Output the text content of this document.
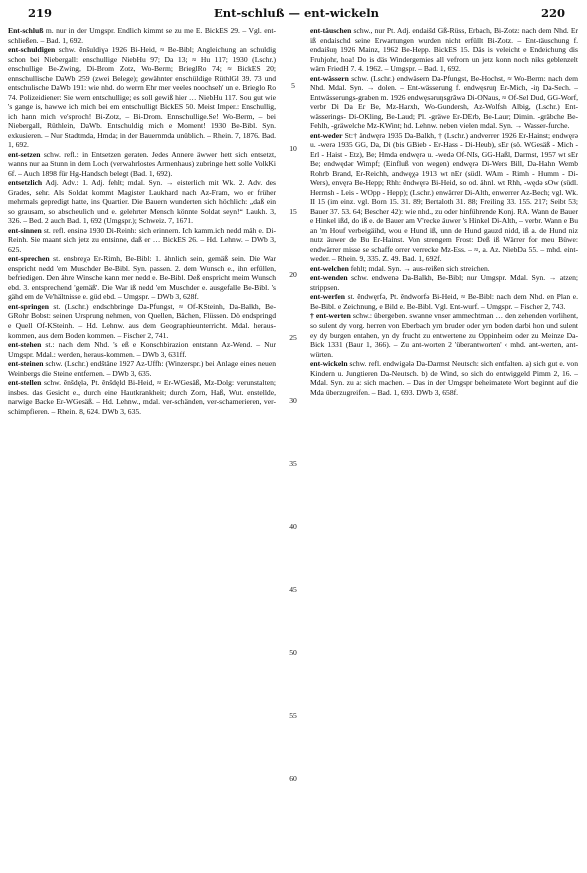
219	Ent-schluß — ent-wickeln	220

Ent-schluß m. nur in der Umgspr. Endlich kimmt se zu me E. BickES 29. – Vgl. ent-schließen. – Bad. 1, 692.

ent-schuldigen schw. ĕnšuldiɣə 1926 Bi-Heid, ≈ Be-Bibl; Angleichung an schuldig schon bei Niebergall: enschullige NiebHu 97; Da 13; ≈ Hu 117; 1930 (Lschr.) enschullige Be-Zwing, Di-Brom Zotz, Wo-Berm; BrieglRo 74; ≈ BickES 20; ennschullische DaWb 259 (zwei Belege); gewähnter enschüldige RüthlGl 39. 73 und entschulische DaWb 191: wie nhd. do werrn Ehr mer veeles noochseh' un e. Brieglo Ro 74. Polizeidiener: Sie wern entschullige; es soll gewiß hier … NiebHu 117. Sou gut wie 's gange is, hawwe ich mich bei em entschulligt BickES 50. Meist Imper.: Enschullig, ich hann mich ve'sproch! Bi-Zotz, – Bi-Drom. Ennschullige.Se! Wo-Berm, – bei Niebergall, Rüthlein, DaWb. Entschuldig mich e Moment! 1930 Be-Bibl. Syn. exkusieren. – Nur Stadtmda, Hmda; in der Bauernmda unüblich. – Rhein. 7, 1876. Bad. 1, 692.

ent-setzen schw. refl.: in Entsetzen geraten. Jedes Annere äwwer hett sich entsetzt, wanns nur aa Stunn in dem Loch (verwahrlostes Armenhaus) zubringe hett solle VolkKi 6f. – Auch 1898 für Hg-Handsch belegt (Bad. 1, 692).

entsetzlich Adj. Adv.: 1. Adj. fehlt; mdal. Syn. → eisterlich mit Wk. 2. Adv. des Grades, sehr. Als Soldat kommt Magister Laukhard nach Az-Fram, wo er früher mehrmals gepredigt hatte, ins Quartier. Die Bauern wunderten sich höchlich: „daß ein so grausam, so abscheulich und e. gelehrter Mensch könnte Soldat seyn!“ Laukh. 3, 326. – Bed. 2 auch Bad. 1, 692 (Umgspr.); Schweiz. 7, 1671.

ent-sinnen st. refl. ensinə 1930 Di-Reinh: sich erinnern. Ich kamm.ich nedd mäh e. Di-Reinh. Sie maant sich jetz zu entsinne, daß er … BickES 26. – Hd. Lehnw. – DWb 3, 625.

ent-sprechen st. ensbreχə Er-Rimh, Be-Bibl: 1. ähnlich sein, gemäß sein. Die War enspricht nedd 'em Muschder Be-Bibl. Syn. passen. 2. dem Wunsch e., ihn erfüllen, befriedigen. Den ähre Winsche kann mer nedd e. Be-Bibl. Deß enspricht meim Wunsch ebd. 3. entsprechend 'gemäß'. Die War iß nedd 'em Muschder e. ausgefalle Be-Bibl. 's gähd em de Ve'hältnisse e. güd ebd. – Umgspr. – DWb 3, 628f.

ent-springen st. (Lschr.) endschbringe Da-Pfungst, ≈ Of-KSteinh, Da-Balkh, Be-GRohr Bobst: seinen Ursprung nehmen, von Quellen, Bächen, Flüssen. Dò endspringd e Quell Of-KSteinh. – Hd. Lehnw. aus dem Geographieunterricht. Mdal. heraus-kommen, aus dem Boden kommen. – Fischer 2, 741.

ent-stehen st.: nach dem Nhd. 's eß e Konschbirazion entstann Az-Wend. – Nur Umgspr. Mdal.: werden, heraus-kommen. – DWb 3, 631ff.

ent-steinen schw. (Lschr.) endštäne 1927 Az-Uffh: (Winzerspr.) bei Anlage eines neuen Weinbergs die Steine entfernen. – DWb 3, 635.

ent-stellen schw. ĕnšdęlə, Pt. ĕnšdęld Bi-Heid, ≈ Er-WGesäß, Mz-Dolg: verunstalten; insbes. das Gesicht e., durch eine Hautkrankheit; durch Zorn, Haß, Wut. enstellde, narwige Backe Er-WGesäß. – Hd. Lehnw., mdal. ver-schänden, ver-schamerieren, ver-schimpfieren. – Rhein. 8, 624. DWb 3, 635.

5
10
15
20
25
30
35
40
45
50
55
60

ent-täuschen schw., nur Pt. Adj. endaišd Gß-Rüss, Erbach, Bi-Zotz: nach dem Nhd. Er iß endaischd seine Erwartungen wurden nicht erfüllt Bi-Zotz. – Ent-täuschung f. endaišuŋ 1926 Mainz, 1962 Be-Hepp. BickES 15. Däs is veleicht e Endeichung dis Fruhjohr, hoa! Do is däs Windergemies all vefrorn un jetz konn noch niks geblenzelt wärn FriedH 7. 4. 1962. – Umgspr. – Bad. 1, 692.

ent-wässern schw. (Lschr.) endwäsern Da-Pfungst, Be-Hochst, ≈ Wo-Berm: nach dem Nhd. Mdal. Syn. → dolen. – Ent-wässerung f. endwęsruŋ Er-Mich, -iŋ Da-Sech. – Entwässerungs-graben m. 1926 endwęsəruŋsgrāwə Di-ONaus, ≈ Of-Sel Dud, GG-Worf, verbr Di Da Er Be, Mz-Harxh, Wo-Gundersh, Az-Wolfsh Albig, (Lschr.) Ent-wässerings- Di-OKling, Be-Laud; Pl. -gräwe Er-DErb, Be-Laur; Dimin. -gräbche Be-Fehlh, -gräwelche Mz-KWint; hd. Lehnw. neben vielen mdal. Syn. → Wasser-furche.

ent-weder St:† ändwęrə 1935 Da-Balkh, † (Lschr.) andverrer 1926 Er-Hainst; endwęrə u. -werə 1935 GG, Da, Di (bis GBieb - Er-Hass - Di-Heub), sEr (sö. WGesäß - Mich - Erl - Haist - Etz), Be; Hmda endwęrə u. -wedə Of-NIs, GG-Haßl, Darmst, 1957 wt sEr Be; endwędər Wimpf; (Einfluß von wegen) endwęrə Di-Wers Bill, Da-Hahn Wemb Rohrb Brand, Er-Reichh, andwęχə 1913 wt nEr (südl. WAm - Rimh - Humm - Di-Wers), envęrə Be-Hepp; Rhh: ĕndwęrə Bi-Heid, so od. ähnl. wt Rhh, -wędə sOw (südl. Herrnsh - Leis - WOpp - Hepp); (Lschr.) enwärrer Di-Alth, enwerrer Az-Bech; vgl. Wk. II 15 (im einz. vgl. Born 15. 31. 89; Bertaloth 31. 88; Freiling 33. 155. 217; Seibt 53; Bauer 37. 53. 64; Bescher 42): wie nhd., zu oder hinführende Konj. RA. Wann de Bauer e Hinkel ißd, do iß e. de Bauer am V'recke äuwer 's Hinkel Di-Alth, – verbr. Wann e Bu an 'm Houf verbeigäihd, wou e Hund iß, unn de Hund gauzd nidd, iß a. de Hund niz nutz äuwer de Bu Er-Hainst. Von strengem Frost: Deß iß Wärrer for meu Büwe: endwärrer misse se schaffe orrer verrecke Mz-Ess. – ≈, a. Az. NiebDa 55. – mhd. eint-weder. – Rhein. 9, 335. Z. 49. Bad. 1, 692f.

ent-welchen fehlt; mdal. Syn. → aus-reißen sich streichen.

ent-wenden schw. endwenə Da-Balkh, Be-Bibl; nur Umgspr. Mdal. Syn. → atzen; strippsen.

ent-werfen st. ĕndwęrfə, Pt. ĕndworfə Bi-Heid, ≈ Be-Bibl: nach dem Nhd. en Plan e. Be-Bibl. e Zeichnung, e Bild e. Be-Bibl. Vgl. Ent-wurf. – Umgspr. – Fischer 2, 743.

† ent-werten schw.: übergeben. swanne vnser ammechtman … den zehenden vorlihent, so sulent dy vorg. herren von Eberbach yrn bruder oder yrn boden darbi hon und sulent ey dy burgen entahen, yn dy frucht zu entwertene zu Oppinheim oder zu Meinze Da-Bick 1331 (Baur 1, 366). – Zu ant-worten 2 'überantworten' ‹ mhd. ant-werten, ant-würten.

ent-wickeln schw. refl. endwigələ Da-Darmst Neutsch: sich entfalten. a) sich gut e. von Kindern u. Jungtieren Da-Neutsch. b) de Wind, so sich do entwiggeld Pimm 2, 16. – Mdal. Syn. zu a: sich machen. – Das in der Umgspr beheimatete Wort beginnt auf die Mda überzugreifen. – Bad. 1, 693. DWb 3, 658f.
